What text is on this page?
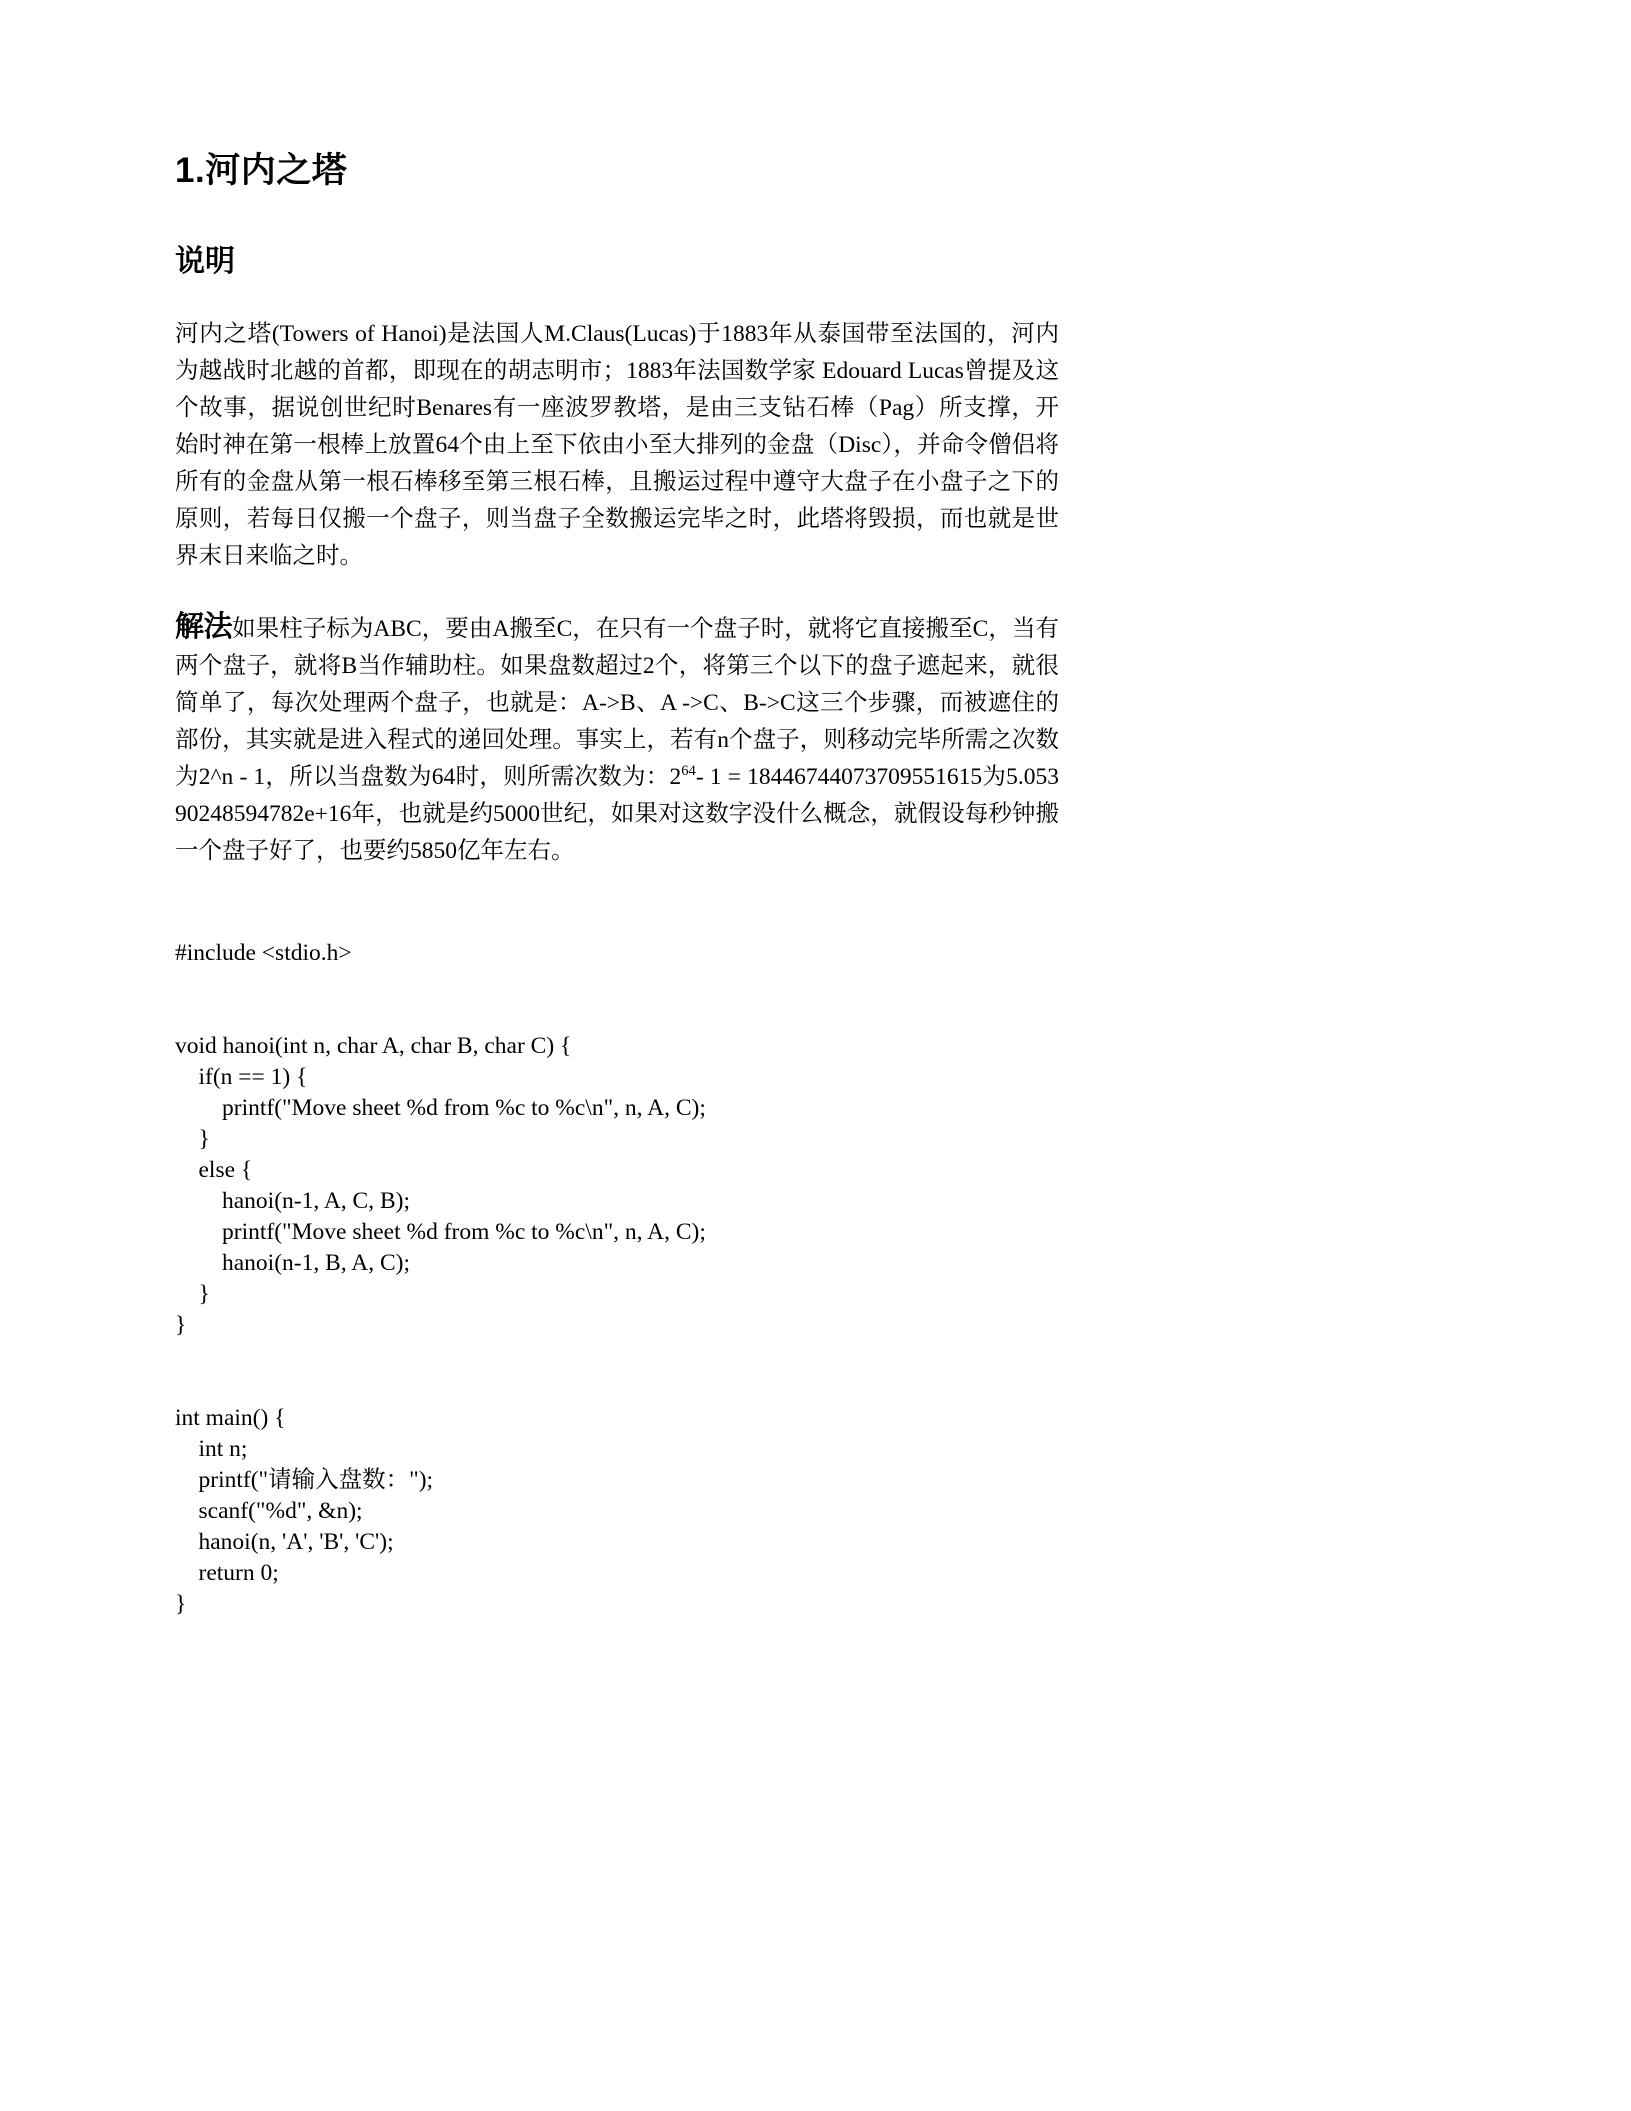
1.河内之塔
说明

河内之塔(Towers of Hanoi)是法国人M.Claus(Lucas)于1883年从泰国带至法国的，河内为越战时北越的首都，即现在的胡志明市；1883年法国数学家 Edouard Lucas曾提及这个故事，据说创世纪时Benares有一座波罗教塔，是由三支钻石棒（Pag）所支撑，开始时神在第一根棒上放置64个由上至下依由小至大排列的金盘（Disc），并命令僧侣将所有的金盘从第一根石棒移至第三根石棒，且搬运过程中遵守大盘子在小盘子之下的原则，若每日仅搬一个盘子，则当盘子全数搬运完毕之时，此塔将毁损，而也就是世界末日来临之时。

解法如果柱子标为ABC，要由A搬至C，在只有一个盘子时，就将它直接搬至C，当有两个盘子，就将B当作辅助柱。如果盘数超过2个，将第三个以下的盘子遮起来，就很简单了，每次处理两个盘子，也就是：A->B、A ->C、B->C这三个步骤，而被遮住的部份，其实就是进入程式的递回处理。事实上，若有n个盘子，则移动完毕所需之次数为2^n - 1，所以当盘数为64时，则所需次数为：$2^{64}-$ 1 = 18446744073709551615为5.05390248594782e+16年，也就是约5000世纪，如果对这数字没什么概念，就假设每秒钟搬一个盘子好了，也要约5850亿年左右。

#include <stdio.h>

void hanoi(int n, char A, char B, char C) {
if(n == 1) {
printf("Move sheet %d from %c to %c\n", n, A, C);
}
else {
hanoi(n-1, A, C, B);
printf("Move sheet %d from %c to %c\n", n, A, C);
hanoi(n-1, B, A, C);
}
}

int main() {
int n;
printf("请输入盘数：");
scanf("%d", &n);
hanoi(n, 'A', 'B', 'C');
return 0;
}
